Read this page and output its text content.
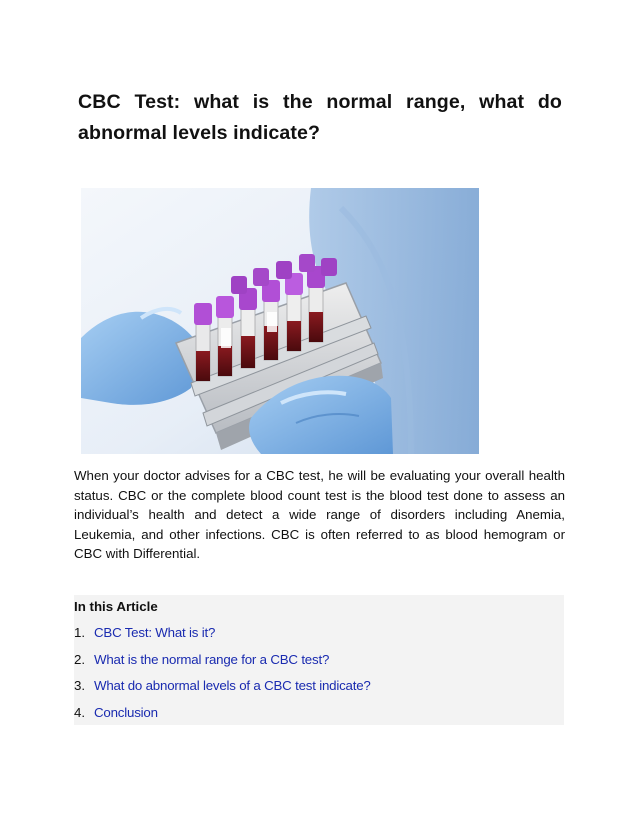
CBC Test: what is the normal range, what do abnormal levels indicate?

When your doctor advises for a CBC test, he will be evaluating your overall health status. CBC or the complete blood count test is the blood test done to assess an individual’s health and detect a wide range of disorders including Anemia, Leukemia, and other infections. CBC is often referred to as blood hemogram or CBC with Differential.

In this Article
1. CBC Test: What is it?
2. What is the normal range for a CBC test?
3. What do abnormal levels of a CBC test indicate?
4. Conclusion
